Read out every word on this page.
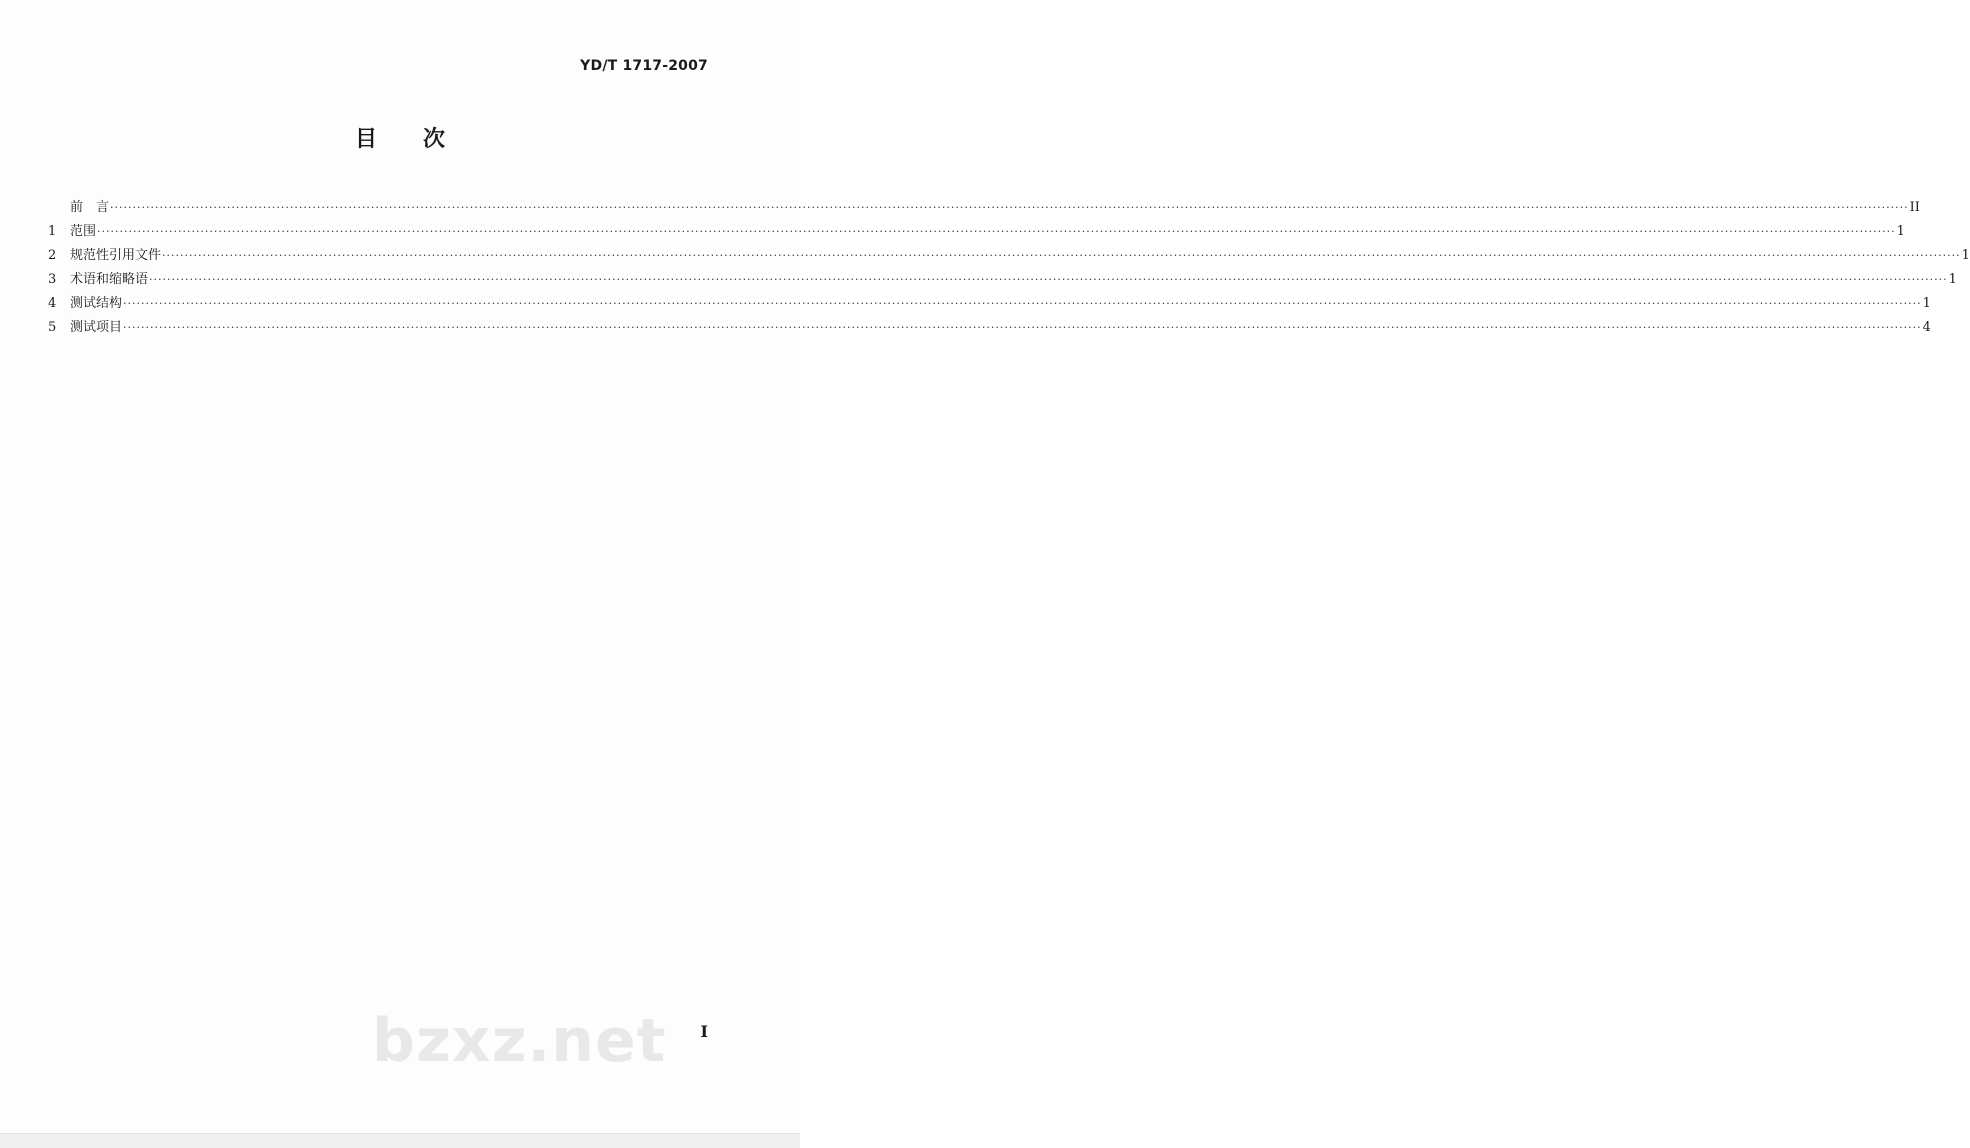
YD/T 1717-2007
目 次
前　言 ················································································································································································································································································································································································································ II
1	范围 ················································································································································································································································································································································································································ 1
2	规范性引用文件 ················································································································································································································································································································································································································ 1
3	术语和缩略语 ················································································································································································································································································································································································································ 1
4	测试结构 ················································································································································································································································································································································································································ 1
5	测试项目 ················································································································································································································································································································································································································ 4
bzxz.net I
